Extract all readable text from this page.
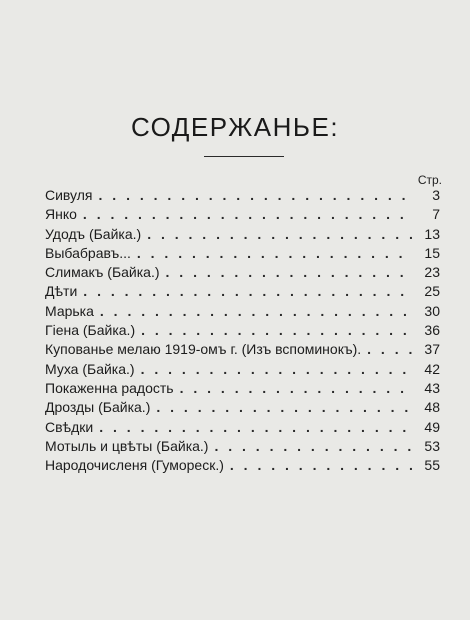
СОДЕРЖАНЬЕ:
Стр.
Сивуля . . .	3
Янко . . .	7
Удодъ (Байка.) . . .	13
Выбабравъ... . . .	15
Слимакъ (Байка.) . . .	23
Дѣти . . .	25
Марька . . .	30
Гіена (Байка.) . . .	36
Купованье мелаю 1919-омъ г. (Изъ вспоминокъ). . . .	37
Муха (Байка.) . . .	42
Покаженна радость . . .	43
Дрозды (Байка.) . . .	48
Свѣдки . . .	49
Мотыль и цвѣты (Байка.) . . .	53
Народочисленя (Гумореск.) . . .	55
